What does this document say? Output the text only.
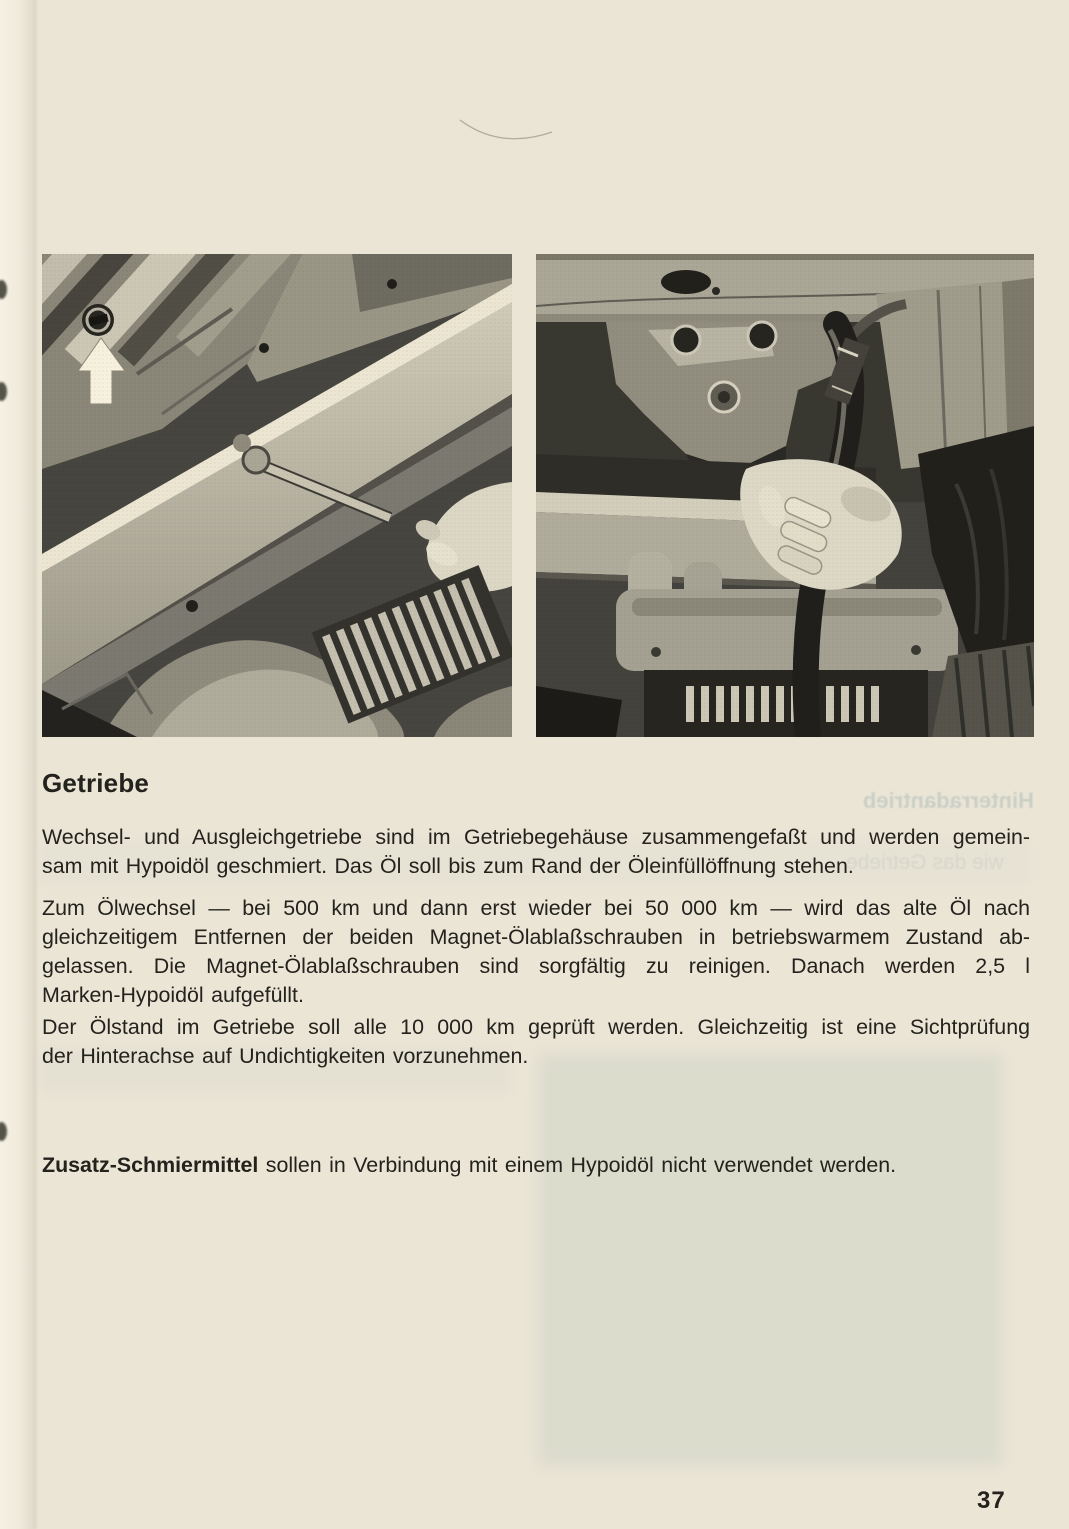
Hinterradantrieb
wie das Getriebe
Getriebe
Wechsel- und Ausgleichgetriebe sind im Getriebegehäuse zusammengefaßt und werden gemein-
sam mit Hypoidöl geschmiert. Das Öl soll bis zum Rand der Öleinfüllöffnung stehen.
Zum Ölwechsel — bei 500 km und dann erst wieder bei 50 000 km — wird das alte Öl nach
gleichzeitigem Entfernen der beiden Magnet-Ölablaßschrauben in betriebswarmem Zustand ab-
gelassen. Die Magnet-Ölablaßschrauben sind sorgfältig zu reinigen. Danach werden 2,5 l
Marken-Hypoidöl aufgefüllt.
Der Ölstand im Getriebe soll alle 10 000 km geprüft werden. Gleichzeitig ist eine Sichtprüfung
der Hinterachse auf Undichtigkeiten vorzunehmen.
Zusatz-Schmiermittel sollen in Verbindung mit einem Hypoidöl nicht verwendet werden.
37
